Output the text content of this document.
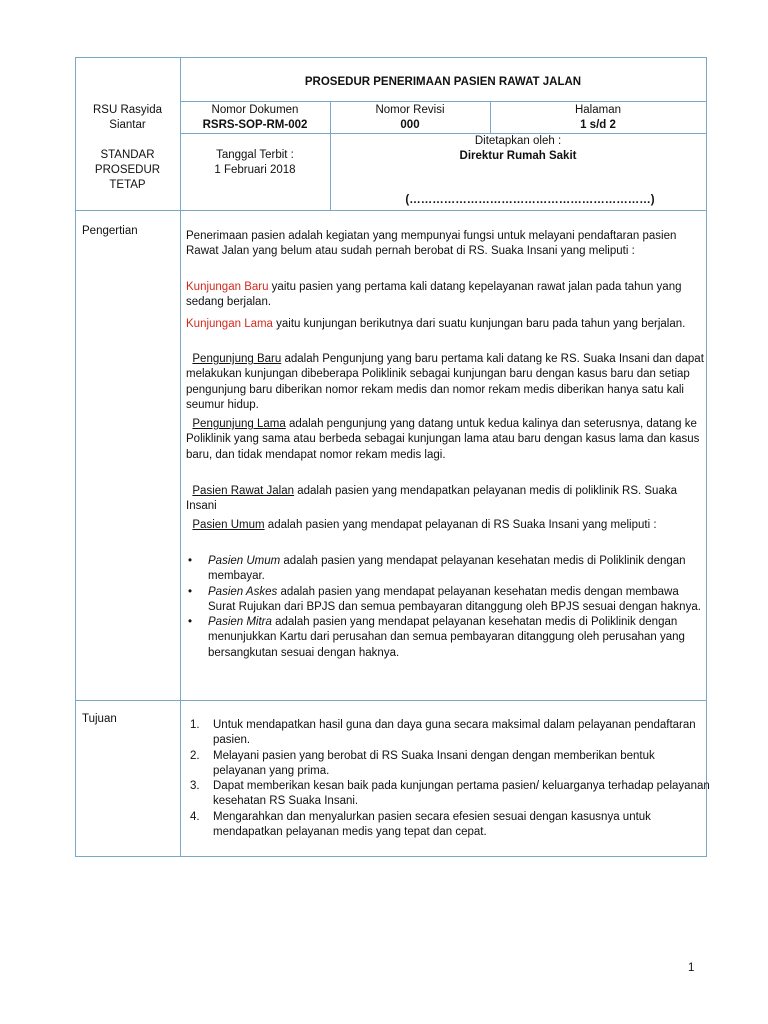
PROSEDUR PENERIMAAN PASIEN RAWAT JALAN
RSU Rasyida
Siantar
Nomor Dokumen
RSRS-SOP-RM-002
Nomor Revisi
000
Halaman
1 s/d 2
STANDAR
PROSEDUR
TETAP
Tanggal Terbit :
1 Februari 2018
Ditetapkan oleh :
Direktur Rumah Sakit
(………………………………………………………)
Pengertian	Penerimaan pasien adalah kegiatan yang mempunyai fungsi untuk melayani pendaftaran pasien Rawat Jalan yang belum atau sudah pernah berobat di RS. Suaka Insani yang meliputi :

Kunjungan Baru yaitu pasien yang pertama kali datang kepelayanan rawat jalan pada tahun yang sedang berjalan.

Kunjungan Lama yaitu kunjungan berikutnya dari suatu kunjungan baru pada tahun yang berjalan.

Pengunjung Baru adalah Pengunjung yang baru pertama kali datang ke RS. Suaka Insani dan dapat melakukan kunjungan dibeberapa Poliklinik sebagai kunjungan baru dengan kasus baru dan setiap pengunjung baru diberikan nomor rekam medis dan nomor rekam medis diberikan hanya satu kali seumur hidup.

Pengunjung Lama adalah pengunjung yang datang untuk kedua kalinya dan seterusnya, datang ke Poliklinik yang sama atau berbeda sebagai kunjungan lama atau baru dengan kasus lama dan kasus baru, dan tidak mendapat nomor rekam medis lagi.

Pasien Rawat Jalan adalah pasien yang mendapatkan pelayanan medis di poliklinik RS. Suaka Insani

Pasien Umum adalah pasien yang mendapat pelayanan di RS Suaka Insani yang meliputi :

• Pasien Umum adalah pasien yang mendapat pelayanan kesehatan medis di Poliklinik dengan membayar.
• Pasien Askes adalah pasien yang mendapat pelayanan kesehatan medis dengan membawa Surat Rujukan dari BPJS dan semua pembayaran ditanggung oleh BPJS sesuai dengan haknya.
• Pasien Mitra adalah pasien yang mendapat pelayanan kesehatan medis di Poliklinik dengan menunjukkan Kartu dari perusahan dan semua pembayaran ditanggung oleh perusahan yang bersangkutan sesuai dengan haknya.
Tujuan	1. Untuk mendapatkan hasil guna dan daya guna secara maksimal dalam pelayanan pendaftaran pasien.
2. Melayani pasien yang berobat di RS Suaka Insani dengan dengan memberikan bentuk pelayanan yang prima.
3. Dapat memberikan kesan baik pada kunjungan pertama pasien/ keluarganya terhadap pelayanan kesehatan RS Suaka Insani.
4. Mengarahkan dan menyalurkan pasien secara efesien sesuai dengan kasusnya untuk mendapatkan pelayanan medis yang tepat dan cepat.
1
